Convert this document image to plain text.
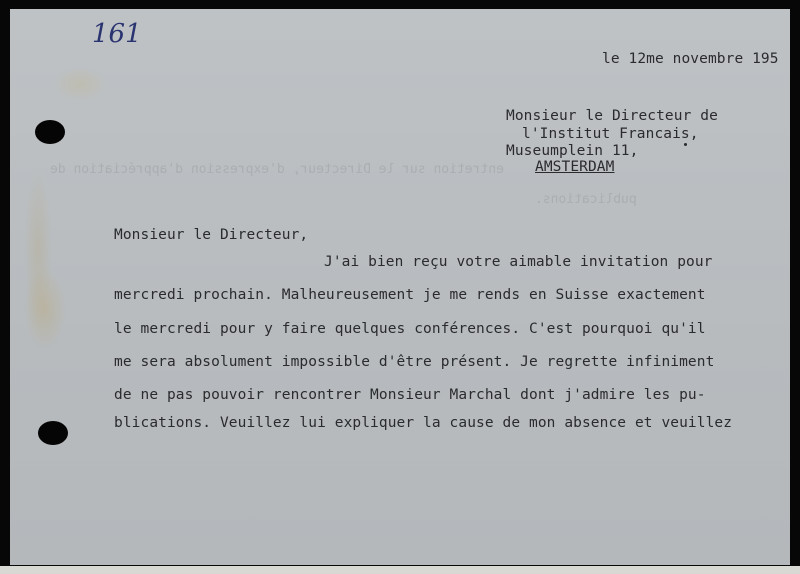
entretion sur le Directeur, d'expression d'appréciation de
publications.
161
le 12me novembre 195
Monsieur le Directeur de
l'Institut Francais,
Museumplein 11,
AMSTERDAM
Monsieur le Directeur,
J'ai bien reçu votre aimable invitation pour
mercredi prochain. Malheureusement je me rends en Suisse exactement
le mercredi pour y faire quelques conférences. C'est pourquoi qu'il
me sera absolument impossible d'être présent. Je regrette infiniment
de ne pas pouvoir rencontrer Monsieur Marchal dont j'admire les pu-
blications. Veuillez lui expliquer la cause de mon absence et veuillez
